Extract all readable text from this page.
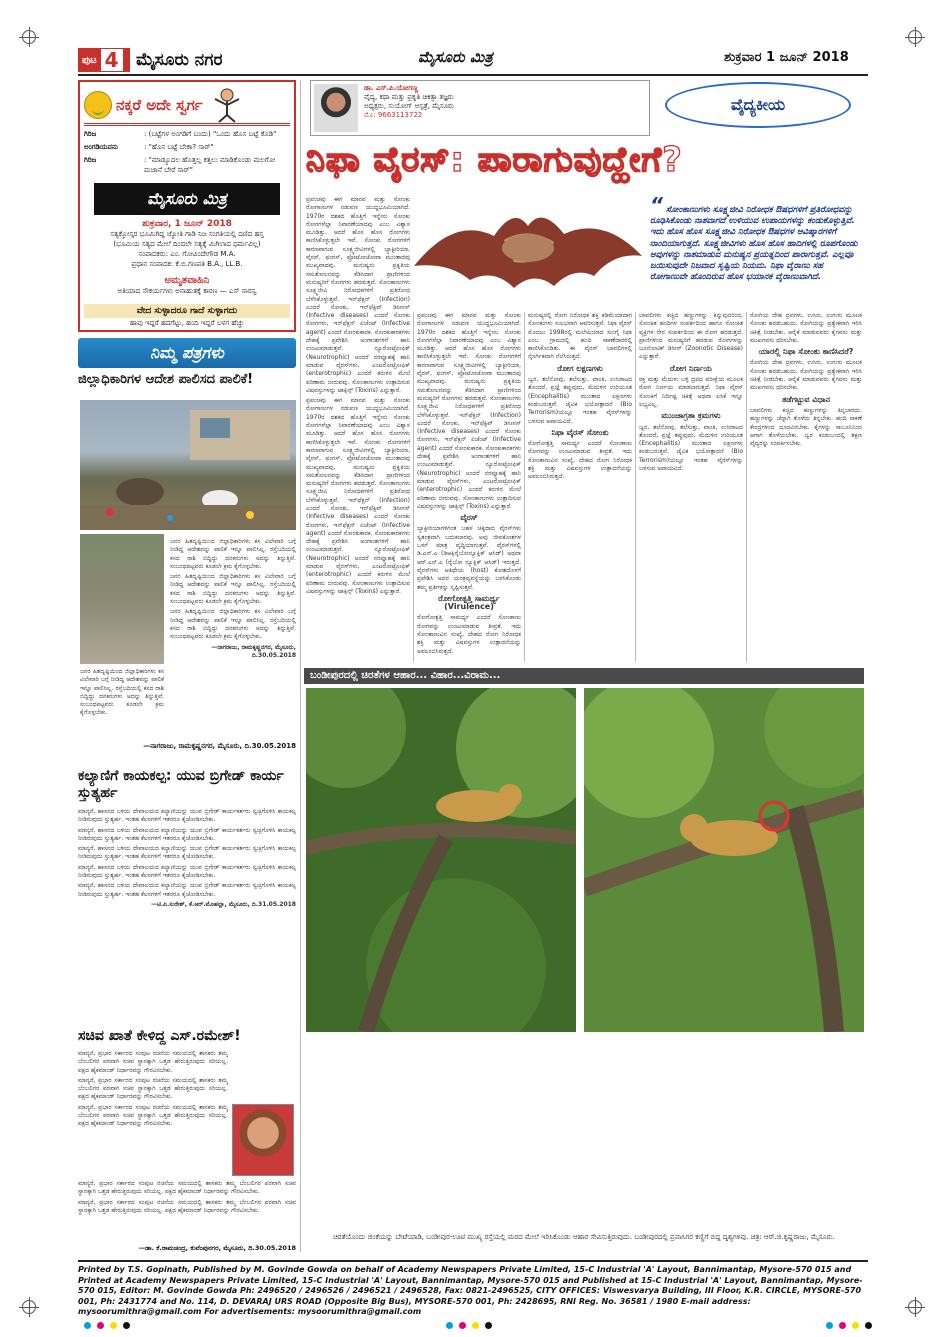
ಪುಟ 4 ಮೈಸೂರು ನಗರ	ಮೈಸೂರು ಮಿತ್ರ	ಶುಕ್ರವಾರ 1 ಜೂನ್ 2018
ನಕ್ಕರೆ ಅದೇ ಸ್ವರ್ಗ
ಗಿರಿಜ	: (ಬಟ್ಟೆಗಳ ಅಂಗಡಿಗೆ ಬಂದು) "ಒಂದು ಹೊಸ ಬಟ್ಟೆ ಕೊಡಿ"
ಅಂಗಡಿಯವನು	: "ಹೊಸ ಬಟ್ಟೆ ಬೇಕಾ? ಸಾರ್"
ಗಿರಿಜ	: "ಮಾಡ್ಯೂದಲ ಹೊತ್ತಲ್ಲ ಕತ್ತಲು ಮಾಡಿಕೊಂಡು ಮಲಗೋ ಮಜಾನೆ ಬೇರೆ ಸಾರ್"
ಮೈಸೂರು ಮಿತ್ರ
ಶುಕ್ರವಾರ, 1 ಜೂನ್ 2018
ಸತ್ಯಕ್ಕೋಸ್ಕರ ಭೂಮಿಗಿದ್ದ ಜ್ಯೋತಿ ಗಾಡಿ ನಿಜ ಸಂಗತಿಯಲ್ಲಿ ದಣಿದ ಹಸ್ತ
(ಭೂಮಿಯ ಸತ್ಯದ ಮೇಲೆ ದಿಂದಲೇ ಸತ್ಯಕ್ಕೆ ಮಿಗಿಲಾದ ಧರ್ಮವಿಲ್ಲ)
ಸಂಪಾದಕರು: ಎಂ. ಗೋವಿಂದೇಗೌಡ M.A.
ಪ್ರಧಾನ ಸಂಪಾದಕ: ಕೆ.ಬಿ.ಗಣಪತಿ B.A., LL.B.
ಅಮೃತವಾಹಿನಿ
ಅತಿಯಾದ ಸೌಕರ್ಯಗಳು ಅನಾಹುತಕ್ಕೆ ಕಾರಣ — ಎಸ್ ಸಾರಸ್ವ
ವೇದ ಸುಳ್ಳಾದರೂ ಗಾದೆ ಸುಳ್ಳಾಗದು
ಹಾವು ಇದ್ದರೆ ಹದಗೆಟ್ಟು, ಹಂದಿ ಇದ್ದರೆ ಬಳಗ ಹೆಚ್ಚು
ನಿಮ್ಮ ಪತ್ರಗಳು
ಜಿಲ್ಲಾಧಿಕಾರಿಗಳ ಆದೇಶ ಪಾಲಿಸದ ಪಾಲಿಕೆ!

ಜನರ ಹಿತದೃಷ್ಟಿಯಿಂದ ಜಿಲ್ಲಾಧಿಕಾರಿಗಳು ಕಸ ವಿಲೇವಾರಿ ಬಗ್ಗೆ ನೀಡಿದ್ದ ಆದೇಶವನ್ನು ಪಾಲಿಕೆ ಇನ್ನೂ ಪಾಲಿಸಿಲ್ಲ. ರಸ್ತೆಬದಿಯಲ್ಲಿ ಕಸದ ರಾಶಿ ಬಿದ್ದಿದ್ದು ದನಕರುಗಳು ಅದನ್ನು ತಿನ್ನುತ್ತಿವೆ. ಸಂಬಂಧಪಟ್ಟವರು ಕೂಡಲೇ ಕ್ರಮ ಕೈಗೊಳ್ಳಬೇಕು.

ಜನರ ಹಿತದೃಷ್ಟಿಯಿಂದ ಜಿಲ್ಲಾಧಿಕಾರಿಗಳು ಕಸ ವಿಲೇವಾರಿ ಬಗ್ಗೆ ನೀಡಿದ್ದ ಆದೇಶವನ್ನು ಪಾಲಿಕೆ ಇನ್ನೂ ಪಾಲಿಸಿಲ್ಲ. ರಸ್ತೆಬದಿಯಲ್ಲಿ ಕಸದ ರಾಶಿ ಬಿದ್ದಿದ್ದು ದನಕರುಗಳು ಅದನ್ನು ತಿನ್ನುತ್ತಿವೆ. ಸಂಬಂಧಪಟ್ಟವರು ಕೂಡಲೇ ಕ್ರಮ ಕೈಗೊಳ್ಳಬೇಕು.

ಜನರ ಹಿತದೃಷ್ಟಿಯಿಂದ ಜಿಲ್ಲಾಧಿಕಾರಿಗಳು ಕಸ ವಿಲೇವಾರಿ ಬಗ್ಗೆ ನೀಡಿದ್ದ ಆದೇಶವನ್ನು ಪಾಲಿಕೆ ಇನ್ನೂ ಪಾಲಿಸಿಲ್ಲ. ರಸ್ತೆಬದಿಯಲ್ಲಿ ಕಸದ ರಾಶಿ ಬಿದ್ದಿದ್ದು ದನಕರುಗಳು ಅದನ್ನು ತಿನ್ನುತ್ತಿವೆ. ಸಂಬಂಧಪಟ್ಟವರು ಕೂಡಲೇ ಕ್ರಮ ಕೈಗೊಳ್ಳಬೇಕು.

—ನಾಗರಾಜು, ರಾಮಕೃಷ್ಣನಗರ, ಮೈಸೂರು, ದಿ.30.05.2018

ಜನರ ಹಿತದೃಷ್ಟಿಯಿಂದ ಜಿಲ್ಲಾಧಿಕಾರಿಗಳು ಕಸ ವಿಲೇವಾರಿ ಬಗ್ಗೆ ನೀಡಿದ್ದ ಆದೇಶವನ್ನು ಪಾಲಿಕೆ ಇನ್ನೂ ಪಾಲಿಸಿಲ್ಲ. ರಸ್ತೆಬದಿಯಲ್ಲಿ ಕಸದ ರಾಶಿ ಬಿದ್ದಿದ್ದು ದನಕರುಗಳು ಅದನ್ನು ತಿನ್ನುತ್ತಿವೆ. ಸಂಬಂಧಪಟ್ಟವರು ಕೂಡಲೇ ಕ್ರಮ ಕೈಗೊಳ್ಳಬೇಕು.

—ನಾಗರಾಜು, ರಾಮಕೃಷ್ಣನಗರ, ಮೈಸೂರು, ದಿ.30.05.2018
ಕಲ್ಯಾಣಿಗೆ ಕಾಯಕಲ್ಪ: ಯುವ ಬ್ರಿಗೇಡ್ ಕಾರ್ಯ ಸ್ತುತ್ಯರ್ಹ

ಮಾನ್ಯರೆ, ಹಾಸನದ ಬಳಿಯ ದೇವಾಲಯದ ಕಲ್ಯಾಣಿಯನ್ನು ಯುವ ಬ್ರಿಗೇಡ್ ಕಾರ್ಯಕರ್ತರು ಸ್ವಚ್ಛಗೊಳಿಸಿ ಕಾಯಕಲ್ಪ ನೀಡಿರುವುದು ಸ್ತುತ್ಯರ್ಹ. ಇಂತಹ ಕೆಲಸಗಳಿಗೆ ಇತರರೂ ಕೈಜೋಡಿಸಬೇಕು.

ಮಾನ್ಯರೆ, ಹಾಸನದ ಬಳಿಯ ದೇವಾಲಯದ ಕಲ್ಯಾಣಿಯನ್ನು ಯುವ ಬ್ರಿಗೇಡ್ ಕಾರ್ಯಕರ್ತರು ಸ್ವಚ್ಛಗೊಳಿಸಿ ಕಾಯಕಲ್ಪ ನೀಡಿರುವುದು ಸ್ತುತ್ಯರ್ಹ. ಇಂತಹ ಕೆಲಸಗಳಿಗೆ ಇತರರೂ ಕೈಜೋಡಿಸಬೇಕು.

ಮಾನ್ಯರೆ, ಹಾಸನದ ಬಳಿಯ ದೇವಾಲಯದ ಕಲ್ಯಾಣಿಯನ್ನು ಯುವ ಬ್ರಿಗೇಡ್ ಕಾರ್ಯಕರ್ತರು ಸ್ವಚ್ಛಗೊಳಿಸಿ ಕಾಯಕಲ್ಪ ನೀಡಿರುವುದು ಸ್ತುತ್ಯರ್ಹ. ಇಂತಹ ಕೆಲಸಗಳಿಗೆ ಇತರರೂ ಕೈಜೋಡಿಸಬೇಕು.

ಮಾನ್ಯರೆ, ಹಾಸನದ ಬಳಿಯ ದೇವಾಲಯದ ಕಲ್ಯಾಣಿಯನ್ನು ಯುವ ಬ್ರಿಗೇಡ್ ಕಾರ್ಯಕರ್ತರು ಸ್ವಚ್ಛಗೊಳಿಸಿ ಕಾಯಕಲ್ಪ ನೀಡಿರುವುದು ಸ್ತುತ್ಯರ್ಹ. ಇಂತಹ ಕೆಲಸಗಳಿಗೆ ಇತರರೂ ಕೈಜೋಡಿಸಬೇಕು.

ಮಾನ್ಯರೆ, ಹಾಸನದ ಬಳಿಯ ದೇವಾಲಯದ ಕಲ್ಯಾಣಿಯನ್ನು ಯುವ ಬ್ರಿಗೇಡ್ ಕಾರ್ಯಕರ್ತರು ಸ್ವಚ್ಛಗೊಳಿಸಿ ಕಾಯಕಲ್ಪ ನೀಡಿರುವುದು ಸ್ತುತ್ಯರ್ಹ. ಇಂತಹ ಕೆಲಸಗಳಿಗೆ ಇತರರೂ ಕೈಜೋಡಿಸಬೇಕು.

—ಟಿ.ಪಿ.ಸುರೇಶ್, ಕೆ.ಆರ್.ಮೊಹಲ್ಲಾ, ಮೈಸೂರು, ದಿ.31.05.2018

ಸಚಿವ ಖಾತೆ ಕೇಳಿದ್ದ ಎಸ್.ರಮೇಶ್!

ಮಾನ್ಯರೆ, ಪ್ರಭಾರ ಸರ್ಕಾರದ ಸಂಪುಟ ರಚನೆಯ ಸಮಯದಲ್ಲಿ ಶಾಸಕರು ತಮ್ಮ ಬೆಂಬಲಿಗರ ಪರವಾಗಿ ಸಚಿವ ಸ್ಥಾನಕ್ಕಾಗಿ ಒತ್ತಡ ಹೇರುತ್ತಿರುವುದು ಸರಿಯಲ್ಲ. ಪಕ್ಷದ ಹೈಕಮಾಂಡ್ ನಿರ್ಧಾರವನ್ನು ಗೌರವಿಸಬೇಕು.

ಮಾನ್ಯರೆ, ಪ್ರಭಾರ ಸರ್ಕಾರದ ಸಂಪುಟ ರಚನೆಯ ಸಮಯದಲ್ಲಿ ಶಾಸಕರು ತಮ್ಮ ಬೆಂಬಲಿಗರ ಪರವಾಗಿ ಸಚಿವ ಸ್ಥಾನಕ್ಕಾಗಿ ಒತ್ತಡ ಹೇರುತ್ತಿರುವುದು ಸರಿಯಲ್ಲ. ಪಕ್ಷದ ಹೈಕಮಾಂಡ್ ನಿರ್ಧಾರವನ್ನು ಗೌರವಿಸಬೇಕು.

ಮಾನ್ಯರೆ, ಪ್ರಭಾರ ಸರ್ಕಾರದ ಸಂಪುಟ ರಚನೆಯ ಸಮಯದಲ್ಲಿ ಶಾಸಕರು ತಮ್ಮ ಬೆಂಬಲಿಗರ ಪರವಾಗಿ ಸಚಿವ ಸ್ಥಾನಕ್ಕಾಗಿ ಒತ್ತಡ ಹೇರುತ್ತಿರುವುದು ಸರಿಯಲ್ಲ. ಪಕ್ಷದ ಹೈಕಮಾಂಡ್ ನಿರ್ಧಾರವನ್ನು ಗೌರವಿಸಬೇಕು.

ಮಾನ್ಯರೆ, ಪ್ರಭಾರ ಸರ್ಕಾರದ ಸಂಪುಟ ರಚನೆಯ ಸಮಯದಲ್ಲಿ ಶಾಸಕರು ತಮ್ಮ ಬೆಂಬಲಿಗರ ಪರವಾಗಿ ಸಚಿವ ಸ್ಥಾನಕ್ಕಾಗಿ ಒತ್ತಡ ಹೇರುತ್ತಿರುವುದು ಸರಿಯಲ್ಲ. ಪಕ್ಷದ ಹೈಕಮಾಂಡ್ ನಿರ್ಧಾರವನ್ನು ಗೌರವಿಸಬೇಕು.

ಮಾನ್ಯರೆ, ಪ್ರಭಾರ ಸರ್ಕಾರದ ಸಂಪುಟ ರಚನೆಯ ಸಮಯದಲ್ಲಿ ಶಾಸಕರು ತಮ್ಮ ಬೆಂಬಲಿಗರ ಪರವಾಗಿ ಸಚಿವ ಸ್ಥಾನಕ್ಕಾಗಿ ಒತ್ತಡ ಹೇರುತ್ತಿರುವುದು ಸರಿಯಲ್ಲ. ಪಕ್ಷದ ಹೈಕಮಾಂಡ್ ನಿರ್ಧಾರವನ್ನು ಗೌರವಿಸಬೇಕು.

—ಡಾ. ಕೆ.ರಾಮಚಂದ್ರ, ಕುವೆಂಪುನಗರ, ಮೈಸೂರು, ದಿ.30.05.2018
ಡಾ. ಎಸ್.ಪಿ.ಯೋಗಣ್ಣ
ವೈದ್ಯ, ಕಥಾ ಮತ್ತು ಪ್ರಕೃತಿ ಚಿಕಿತ್ಸಾ ತಜ್ಞರು
ಅಧ್ಯಕ್ಷರು, ಸುಯೋಗ್ ಆಸ್ಪತ್ರೆ, ಮೈಸೂರು
ಮೊ: 9663113722
ವೈದ್ಯಕೀಯ
ನಿಫಾ ವೈರಸ್: ಪಾರಾಗುವುದ್ಹೇಗೆ?
“ ಸೋಂಕಾಣುಗಳು ಸೂಕ್ಷ್ಮಜೀವಿ ನಿರೋಧಕ ಔಷಧಗಳಿಗೆ ಪ್ರತಿರೋಧವನ್ನು ರೂಢಿಸಿಕೊಂಡು ನಾಶವಾಗದೆ ಉಳಿಯುವ ಉಪಾಯಗಳನ್ನು ಕಂಡುಕೊಳ್ಳುತ್ತಿವೆ. ಇದು ಹೊಸ ಹೊಸ ಸೂಕ್ಷ್ಮಜೀವಿ ನಿರೋಧಕ ಔಷಧಗಳ ಆವಿಷ್ಕಾರಗಳಿಗೆ ನಾಂದಿಯಾಗುತ್ತದೆ. ಸೂಕ್ಷ್ಮಜೀವಿಗಳು ಹೊಸ ಹೊಸ ಹಾದಿಗಳಲ್ಲಿ ರೂಪಗೊಂಡು ಅವುಗಳನ್ನು ನಾಶಮಾಡುವ ಮನುಷ್ಯನ ಪ್ರಯತ್ನದಿಂದ ಪಾರಾಗುತ್ತವೆ. ಎಲ್ಲವೂ ಜಯಿಸುವುದೇ ನಿಜವಾದ ಸೃಷ್ಟಿಯ ನಿಯಮ. ನಿಫಾ ವೈರಾಣು ಸಹ ರೋಗಾಣುವೇ ಹೊಂದಿರುವ ಹೊಸ ಭಯಾನಕ ವೈರಾಣುವಾಗಿದೆ.

ಪ್ರಪಂಚವು ಈಗ ಮಾನವ ಮತ್ತು ಸೋಂಕು ರೋಗಾಣುಗಳ ನಡುವಣ ಯುದ್ಧಭೂಮಿಯಾಗಿದೆ. 1970ರ ದಶಕದ ಹೊತ್ತಿಗೆ ಇನ್ನೇನು ಸೋಂಕು ರೋಗಗಳೆಲ್ಲಾ ನಿವಾರಣೆಯಾದವು ಎಂಬ ವಿಶ್ವಾಸ ಮೂಡಿತ್ತು. ಆದರೆ ಹೊಸ ಹೊಸ ರೋಗಗಳು ಕಾಣಿಸಿಕೊಳ್ಳುತ್ತಲೇ ಇವೆ. ಸೋಂಕು ರೋಗಗಳಿಗೆ ಕಾರಣವಾಗುವ ಸೂಕ್ಷ್ಮಜೀವಿಗಳಲ್ಲಿ ಬ್ಯಾಕ್ಟೀರಿಯಾ, ವೈರಸ್, ಫಂಗಸ್, ಪ್ರೋಟೋಜೋವಾ ಮುಂತಾದವು ಮುಖ್ಯವಾದವು. ಮನುಷ್ಯನು ಪ್ರಕೃತಿಯ ಸಮತೋಲನವನ್ನು ಕೆಡಿಸಿದಾಗ ಪ್ರಾಣಿಗಳಿಂದ ಮನುಷ್ಯರಿಗೆ ರೋಗಗಳು ಹರಡುತ್ತವೆ. ಸೋಂಕಾಣುಗಳು ಸೂಕ್ಷ್ಮಜೀವಿ ನಿರೋಧಕಗಳಿಗೆ ಪ್ರತಿರೋಧ ಬೆಳೆಸಿಕೊಳ್ಳುತ್ತವೆ. ಇನ್‌ಫೆಕ್ಷನ್ (Infection) ಎಂದರೆ ಸೋಂಕು, ಇನ್‌ಫೆಕ್ಟಿವ್ ಡಿಸೀಸಸ್ (Infective diseases) ಎಂದರೆ ಸೋಂಕು ರೋಗಗಳು, ಇನ್‌ಫೆಕ್ಷನ್ ಏಜೆಂಟ್ (Infective agent) ಎಂದರೆ ಸೋಂಕುಕಾರಕ. ಸೋಂಕುಕಾರಕಗಳು ದೇಹಕ್ಕೆ ಪ್ರವೇಶಿಸಿ ಅಂಗಾಂಶಗಳಿಗೆ ಹಾನಿ ಉಂಟುಮಾಡುತ್ತವೆ. ನ್ಯೂರೋಟ್ರೋಫಿಕ್ (Neurotrophic) ಅಂದರೆ ನರವ್ಯೂಹಕ್ಕೆ ಹಾನಿ ಮಾಡುವ ವೈರಸ್‌ಗಳು, ಎಂಟರೋಟ್ರೋಫಿಕ್ (enterotrophic) ಎಂದರೆ ಕರುಳಿನ ಮೇಲೆ ಪರಿಣಾಮ ಬೀರುವವು. ಸೋಂಕಾಣುಗಳು ಉತ್ಪಾದಿಸುವ ವಿಷವಸ್ತುಗಳನ್ನು ಟಾಕ್ಸಿನ್ಸ್ (Toxins) ಎನ್ನುತ್ತಾರೆ.

ಪ್ರಪಂಚವು ಈಗ ಮಾನವ ಮತ್ತು ಸೋಂಕು ರೋಗಾಣುಗಳ ನಡುವಣ ಯುದ್ಧಭೂಮಿಯಾಗಿದೆ. 1970ರ ದಶಕದ ಹೊತ್ತಿಗೆ ಇನ್ನೇನು ಸೋಂಕು ರೋಗಗಳೆಲ್ಲಾ ನಿವಾರಣೆಯಾದವು ಎಂಬ ವಿಶ್ವಾಸ ಮೂಡಿತ್ತು. ಆದರೆ ಹೊಸ ಹೊಸ ರೋಗಗಳು ಕಾಣಿಸಿಕೊಳ್ಳುತ್ತಲೇ ಇವೆ. ಸೋಂಕು ರೋಗಗಳಿಗೆ ಕಾರಣವಾಗುವ ಸೂಕ್ಷ್ಮಜೀವಿಗಳಲ್ಲಿ ಬ್ಯಾಕ್ಟೀರಿಯಾ, ವೈರಸ್, ಫಂಗಸ್, ಪ್ರೋಟೋಜೋವಾ ಮುಂತಾದವು ಮುಖ್ಯವಾದವು. ಮನುಷ್ಯನು ಪ್ರಕೃತಿಯ ಸಮತೋಲನವನ್ನು ಕೆಡಿಸಿದಾಗ ಪ್ರಾಣಿಗಳಿಂದ ಮನುಷ್ಯರಿಗೆ ರೋಗಗಳು ಹರಡುತ್ತವೆ. ಸೋಂಕಾಣುಗಳು ಸೂಕ್ಷ್ಮಜೀವಿ ನಿರೋಧಕಗಳಿಗೆ ಪ್ರತಿರೋಧ ಬೆಳೆಸಿಕೊಳ್ಳುತ್ತವೆ. ಇನ್‌ಫೆಕ್ಷನ್ (Infection) ಎಂದರೆ ಸೋಂಕು, ಇನ್‌ಫೆಕ್ಟಿವ್ ಡಿಸೀಸಸ್ (Infective diseases) ಎಂದರೆ ಸೋಂಕು ರೋಗಗಳು, ಇನ್‌ಫೆಕ್ಷನ್ ಏಜೆಂಟ್ (Infective agent) ಎಂದರೆ ಸೋಂಕುಕಾರಕ. ಸೋಂಕುಕಾರಕಗಳು ದೇಹಕ್ಕೆ ಪ್ರವೇಶಿಸಿ ಅಂಗಾಂಶಗಳಿಗೆ ಹಾನಿ ಉಂಟುಮಾಡುತ್ತವೆ. ನ್ಯೂರೋಟ್ರೋಫಿಕ್ (Neurotrophic) ಅಂದರೆ ನರವ್ಯೂಹಕ್ಕೆ ಹಾನಿ ಮಾಡುವ ವೈರಸ್‌ಗಳು, ಎಂಟರೋಟ್ರೋಫಿಕ್ (enterotrophic) ಎಂದರೆ ಕರುಳಿನ ಮೇಲೆ ಪರಿಣಾಮ ಬೀರುವವು. ಸೋಂಕಾಣುಗಳು ಉತ್ಪಾದಿಸುವ ವಿಷವಸ್ತುಗಳನ್ನು ಟಾಕ್ಸಿನ್ಸ್ (Toxins) ಎನ್ನುತ್ತಾರೆ.

ಪ್ರಪಂಚವು ಈಗ ಮಾನವ ಮತ್ತು ಸೋಂಕು ರೋಗಾಣುಗಳ ನಡುವಣ ಯುದ್ಧಭೂಮಿಯಾಗಿದೆ. 1970ರ ದಶಕದ ಹೊತ್ತಿಗೆ ಇನ್ನೇನು ಸೋಂಕು ರೋಗಗಳೆಲ್ಲಾ ನಿವಾರಣೆಯಾದವು ಎಂಬ ವಿಶ್ವಾಸ ಮೂಡಿತ್ತು. ಆದರೆ ಹೊಸ ಹೊಸ ರೋಗಗಳು ಕಾಣಿಸಿಕೊಳ್ಳುತ್ತಲೇ ಇವೆ. ಸೋಂಕು ರೋಗಗಳಿಗೆ ಕಾರಣವಾಗುವ ಸೂಕ್ಷ್ಮಜೀವಿಗಳಲ್ಲಿ ಬ್ಯಾಕ್ಟೀರಿಯಾ, ವೈರಸ್, ಫಂಗಸ್, ಪ್ರೋಟೋಜೋವಾ ಮುಂತಾದವು ಮುಖ್ಯವಾದವು. ಮನುಷ್ಯನು ಪ್ರಕೃತಿಯ ಸಮತೋಲನವನ್ನು ಕೆಡಿಸಿದಾಗ ಪ್ರಾಣಿಗಳಿಂದ ಮನುಷ್ಯರಿಗೆ ರೋಗಗಳು ಹರಡುತ್ತವೆ. ಸೋಂಕಾಣುಗಳು ಸೂಕ್ಷ್ಮಜೀವಿ ನಿರೋಧಕಗಳಿಗೆ ಪ್ರತಿರೋಧ ಬೆಳೆಸಿಕೊಳ್ಳುತ್ತವೆ. ಇನ್‌ಫೆಕ್ಷನ್ (Infection) ಎಂದರೆ ಸೋಂಕು, ಇನ್‌ಫೆಕ್ಟಿವ್ ಡಿಸೀಸಸ್ (Infective diseases) ಎಂದರೆ ಸೋಂಕು ರೋಗಗಳು, ಇನ್‌ಫೆಕ್ಷನ್ ಏಜೆಂಟ್ (Infective agent) ಎಂದರೆ ಸೋಂಕುಕಾರಕ. ಸೋಂಕುಕಾರಕಗಳು ದೇಹಕ್ಕೆ ಪ್ರವೇಶಿಸಿ ಅಂಗಾಂಶಗಳಿಗೆ ಹಾನಿ ಉಂಟುಮಾಡುತ್ತವೆ. ನ್ಯೂರೋಟ್ರೋಫಿಕ್ (Neurotrophic) ಅಂದರೆ ನರವ್ಯೂಹಕ್ಕೆ ಹಾನಿ ಮಾಡುವ ವೈರಸ್‌ಗಳು, ಎಂಟರೋಟ್ರೋಫಿಕ್ (enterotrophic) ಎಂದರೆ ಕರುಳಿನ ಮೇಲೆ ಪರಿಣಾಮ ಬೀರುವವು. ಸೋಂಕಾಣುಗಳು ಉತ್ಪಾದಿಸುವ ವಿಷವಸ್ತುಗಳನ್ನು ಟಾಕ್ಸಿನ್ಸ್ (Toxins) ಎನ್ನುತ್ತಾರೆ.

ವೈರಸ್

ಬ್ಯಾಕ್ಟೀರಿಯಾಗಳಿಗಿಂತ ಬಹಳ ಚಿಕ್ಕದಾದ ವೈರಸ್‌ಗಳು ಸ್ವತಂತ್ರವಾಗಿ ಬದುಕಲಾರವು. ಅವು ಜೀವಕೋಶಗಳ ಒಳಗೆ ಮಾತ್ರ ವೃದ್ಧಿಯಾಗುತ್ತವೆ. ವೈರಸ್‌ಗಳಲ್ಲಿ ಡಿ.ಎನ್.ಎ (ಡಿಆಕ್ಸಿರೈಬೋನ್ಯೂಕ್ಲಿಕ್ ಆಸಿಡ್) ಅಥವಾ ಆರ್.ಎನ್.ಎ (ರೈಬೋ ನ್ಯೂಕ್ಲಿಕ್ ಆಸಿಡ್) ಇರುತ್ತದೆ. ವೈರಸ್‌ಗಳು ಆತಿಥೇಯ (host) ಕೋಶದೊಳಗೆ ಪ್ರವೇಶಿಸಿ ಅದರ ಯಂತ್ರವ್ಯವಸ್ಥೆಯನ್ನು ಬಳಸಿಕೊಂಡು ತಮ್ಮ ಪ್ರತಿಗಳನ್ನು ಸೃಷ್ಟಿಸುತ್ತವೆ.

ರೋಗೋತ್ಪತ್ತಿ ಸಾಮರ್ಥ್ಯ (Virulence)

ರೋಗೋತ್ಪತ್ತಿ ಸಾಮರ್ಥ್ಯ ಎಂದರೆ ಸೋಂಕಾಣು ರೋಗವನ್ನು ಉಂಟುಮಾಡುವ ತೀವ್ರತೆ. ಇದು ಸೋಂಕಾಣುವಿನ ಸಂಖ್ಯೆ, ದೇಹದ ರೋಗ ನಿರೋಧಕ ಶಕ್ತಿ ಮತ್ತು ವಿಷವಸ್ತುಗಳ ಉತ್ಪಾದನೆಯನ್ನು ಅವಲಂಬಿಸಿರುತ್ತದೆ.

ಮನುಷ್ಯರಲ್ಲಿ ರೋಗ ನಿರೋಧಕ ಶಕ್ತಿ ಕಡಿಮೆಯಾದಾಗ ಸೋಂಕುಗಳು ಸುಲಭವಾಗಿ ಆವರಿಸುತ್ತವೆ. ನಿಫಾ ವೈರಸ್ ಮೊದಲು 1998ರಲ್ಲಿ ಮಲೇಷಿಯಾದ ಸುಂಗೈ ನಿಫಾ ಎಂಬ ಗ್ರಾಮದಲ್ಲಿ ಹಂದಿ ಸಾಕಣೆದಾರರಲ್ಲಿ ಕಾಣಿಸಿಕೊಂಡಿತು. ಈ ವೈರಸ್ ಬಾವಲಿಗಳಲ್ಲಿ ನೈಸರ್ಗಿಕವಾಗಿ ನೆಲೆಸಿರುತ್ತದೆ.

ರೋಗ ಲಕ್ಷಣಗಳು

ಜ್ವರ, ತಲೆನೋವು, ತಲೆಸುತ್ತು, ವಾಂತಿ, ಉಸಿರಾಟದ ತೊಂದರೆ, ಪ್ರಜ್ಞೆ ತಪ್ಪುವುದು, ಮೆದುಳಿನ ಉರಿಯೂತ (Encephalitis) ಮುಂತಾದ ಲಕ್ಷಣಗಳು ಕಂಡುಬರುತ್ತವೆ. ಜೈವಿಕ ಭಯೋತ್ಪಾದನೆ (Bio Terrorism)ಯಲ್ಲೂ ಇಂತಹ ವೈರಸ್‌ಗಳನ್ನು ಬಳಸುವ ಅಪಾಯವಿದೆ.

ನಿಫಾ ವೈರಸ್ ಸೋಂಕು

ರೋಗೋತ್ಪತ್ತಿ ಸಾಮರ್ಥ್ಯ ಎಂದರೆ ಸೋಂಕಾಣು ರೋಗವನ್ನು ಉಂಟುಮಾಡುವ ತೀವ್ರತೆ. ಇದು ಸೋಂಕಾಣುವಿನ ಸಂಖ್ಯೆ, ದೇಹದ ರೋಗ ನಿರೋಧಕ ಶಕ್ತಿ ಮತ್ತು ವಿಷವಸ್ತುಗಳ ಉತ್ಪಾದನೆಯನ್ನು ಅವಲಂಬಿಸಿರುತ್ತದೆ.

ಬಾವಲಿಗಳು ಕಚ್ಚಿದ ಹಣ್ಣುಗಳನ್ನು ತಿನ್ನುವುದರಿಂದ, ಸೋಂಕಿತ ಹಂದಿಗಳ ಸಂಪರ್ಕದಿಂದ ಹಾಗೂ ಸೋಂಕಿತ ವ್ಯಕ್ತಿಗಳ ನೇರ ಸಂಪರ್ಕದಿಂದ ಈ ರೋಗ ಹರಡುತ್ತದೆ. ಪ್ರಾಣಿಗಳಿಂದ ಮನುಷ್ಯರಿಗೆ ಹರಡುವ ರೋಗಗಳನ್ನು ಜೂನೋಟಿಕ್ ಡಿಸೀಸ್ (Zoonotic Disease) ಎನ್ನುತ್ತಾರೆ.

ರೋಗ ನಿರ್ಣಯ

ರಕ್ತ ಮತ್ತು ಮೆದುಳು ಬಳ್ಳಿ ದ್ರವದ ಪರೀಕ್ಷೆಯ ಮೂಲಕ ರೋಗ ನಿರ್ಣಯ ಮಾಡಲಾಗುತ್ತದೆ. ನಿಫಾ ವೈರಸ್ ಸೋಂಕಿಗೆ ನಿರ್ದಿಷ್ಟ ಚಿಕಿತ್ಸೆ ಅಥವಾ ಲಸಿಕೆ ಇನ್ನೂ ಲಭ್ಯವಿಲ್ಲ.

ಮುಂಜಾಗ್ರತಾ ಕ್ರಮಗಳು

ಜ್ವರ, ತಲೆನೋವು, ತಲೆಸುತ್ತು, ವಾಂತಿ, ಉಸಿರಾಟದ ತೊಂದರೆ, ಪ್ರಜ್ಞೆ ತಪ್ಪುವುದು, ಮೆದುಳಿನ ಉರಿಯೂತ (Encephalitis) ಮುಂತಾದ ಲಕ್ಷಣಗಳು ಕಂಡುಬರುತ್ತವೆ. ಜೈವಿಕ ಭಯೋತ್ಪಾದನೆ (Bio Terrorism)ಯಲ್ಲೂ ಇಂತಹ ವೈರಸ್‌ಗಳನ್ನು ಬಳಸುವ ಅಪಾಯವಿದೆ.

ರೋಗಿಯ ದೇಹ ದ್ರವಗಳು, ಉಸಿರು, ಉಗುಳು ಮೂಲಕ ಸೋಂಕು ಹರಡಬಹುದು. ರೋಗಿಯನ್ನು ಪ್ರತ್ಯೇಕವಾಗಿ ಇರಿಸಿ ಚಿಕಿತ್ಸೆ ನೀಡಬೇಕು. ಆರೈಕೆ ಮಾಡುವವರು ಕೈಗವಸು ಮತ್ತು ಮುಖಗವಸು ಧರಿಸಬೇಕು.

ಯಾರಲ್ಲಿ ನಿಫಾ ಸೋಂಕು ಕಾಣಿಸಿದರೆ?

ರೋಗಿಯ ದೇಹ ದ್ರವಗಳು, ಉಸಿರು, ಉಗುಳು ಮೂಲಕ ಸೋಂಕು ಹರಡಬಹುದು. ರೋಗಿಯನ್ನು ಪ್ರತ್ಯೇಕವಾಗಿ ಇರಿಸಿ ಚಿಕಿತ್ಸೆ ನೀಡಬೇಕು. ಆರೈಕೆ ಮಾಡುವವರು ಕೈಗವಸು ಮತ್ತು ಮುಖಗವಸು ಧರಿಸಬೇಕು.

ತಡೆಗಟ್ಟುವ ವಿಧಾನ

ಬಾವಲಿಗಳು ಕಚ್ಚಿದ ಹಣ್ಣುಗಳನ್ನು ತಿನ್ನಬಾರದು. ಹಣ್ಣುಗಳನ್ನು ಚೆನ್ನಾಗಿ ತೊಳೆದು ತಿನ್ನಬೇಕು. ಹಂದಿ ಸಾಕಣೆ ಕೇಂದ್ರಗಳಿಂದ ದೂರವಿರಬೇಕು. ಕೈಗಳನ್ನು ಸಾಬೂನಿನಿಂದ ಆಗಾಗ ತೊಳೆಯಬೇಕು. ಜ್ವರ ಕಂಡುಬಂದಲ್ಲಿ ತಕ್ಷಣ ವೈದ್ಯರನ್ನು ಸಂಪರ್ಕಿಸಬೇಕು.

ಬಂಡೀಪುರದಲ್ಲಿ ಚಿರತೆಗಳ ಆಹಾರ... ವಿಹಾರ...ವಿರಾಮ...
ಚಿರತೆಯೊಂದು ಜಿಂಕೆಯನ್ನು ಬೇಟೆಯಾಡಿ, ಬಂಡೀಪುರ-ಊಟಿ ಮುಖ್ಯ ರಸ್ತೆಯಲ್ಲಿ ಮರದ ಮೇಲೆ ಇರಿಸಿಕೊಂಡು ಆಹಾರ ಸೇವಿಸುತ್ತಿರುವುದು. ಬಂಡೀಪುರದಲ್ಲಿ ಪ್ರವಾಸಿಗರ ಕಣ್ಣಿಗೆ ಬಿದ್ದ ದೃಶ್ಯಗಳಿವು. ಚಿತ್ರ: ಆರ್.ಜಿ.ಕೃಷ್ಣರಾಜು, ಮೈಸೂರು.
Printed by T.S. Gopinath, Published by M. Govinde Gowda on behalf of Academy Newspapers Private Limited, 15-C Industrial 'A' Layout, Bannimantap, Mysore-570 015 and Printed at Academy Newspapers Private Limited, 15-C Industrial 'A' Layout, Bannimantap, Mysore-570 015 and Published at 15-C Industrial 'A' Layout, Bannimantap, Mysore-570 015, Editor: M. Govinde Gowda Ph: 2496520 / 2496526 / 2496521 / 2496528, Fax: 0821-2496525, CITY OFFICES: Viswesvarya Building, III Floor, K.R. CIRCLE, MYSORE-570 001, Ph: 2431774 and No. 114, D. DEVARAJ URS ROAD (Opposite Big Bus), MYSORE-570 001, Ph: 2428695, RNI Reg. No. 36581 / 1980 E-mail address: mysoorumithra@gmail.com For advertisements: mysoorumithra@gmail.com
